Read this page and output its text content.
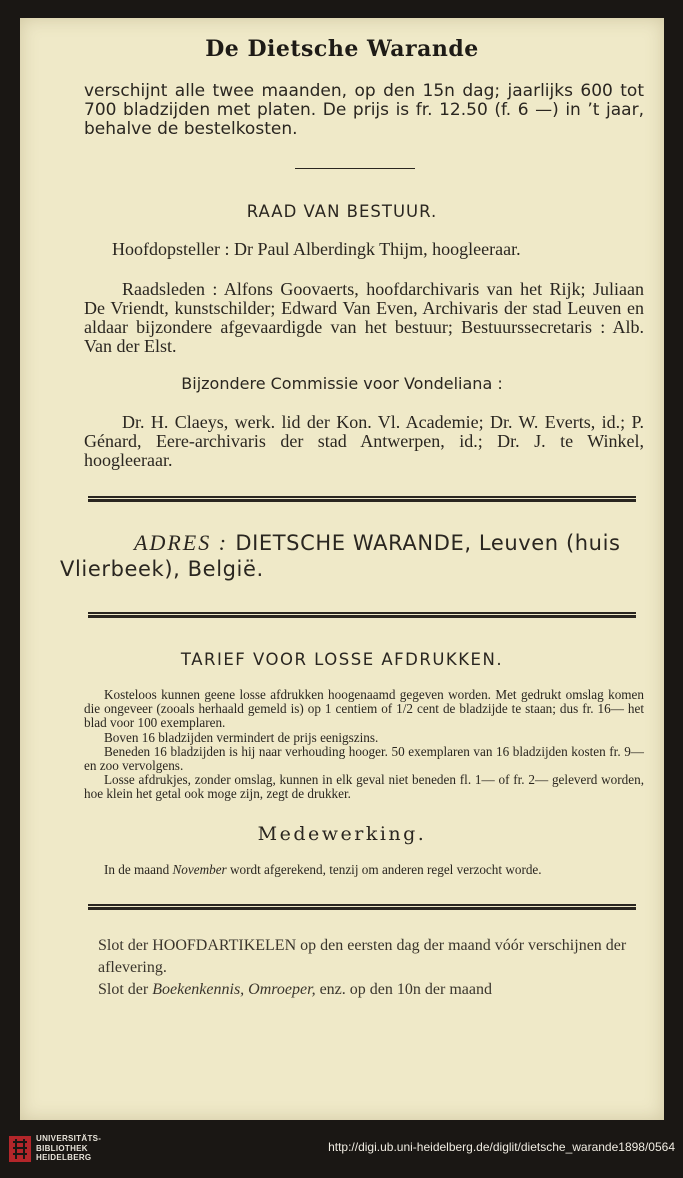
De Dietsche Warande

verschijnt alle twee maanden, op den 15n dag; jaarlijks 600 tot 700 bladzijden met platen. De prijs is fr. 12.50 (f. 6 —) in ’t jaar, behalve de bestelkosten.

RAAD VAN BESTUUR.

Hoofdopsteller : Dr Paul Alberdingk Thijm, hoogleeraar.

Raadsleden : Alfons Goovaerts, hoofdarchivaris van het Rijk; Juliaan De Vriendt, kunstschilder; Edward Van Even, Archivaris der stad Leuven en aldaar bijzondere afgevaardigde van het bestuur; Bestuurssecretaris : Alb. Van der Elst.

Bijzondere Commissie voor Vondeliana :

Dr. H. Claeys, werk. lid der Kon. Vl. Academie; Dr. W. Everts, id.; P. Génard, Eere-archivaris der stad Antwerpen, id.; Dr. J. te Winkel, hoogleeraar.

ADRES : DIETSCHE WARANDE, Leuven (huis Vlierbeek), België.

TARIEF VOOR LOSSE AFDRUKKEN.

Kosteloos kunnen geene losse afdrukken hoogenaamd gegeven worden. Met gedrukt omslag komen die ongeveer (zooals herhaald gemeld is) op 1 centiem of 1/2 cent de bladzijde te staan; dus fr. 16— het blad voor 100 exemplaren.

Boven 16 bladzijden vermindert de prijs eenigszins.

Beneden 16 bladzijden is hij naar verhouding hooger. 50 exemplaren van 16 bladzijden kosten fr. 9— en zoo vervolgens.

Losse afdrukjes, zonder omslag, kunnen in elk geval niet beneden fl. 1— of fr. 2— geleverd worden, hoe klein het getal ook moge zijn, zegt de drukker.

Medewerking.

In de maand November wordt afgerekend, tenzij om anderen regel verzocht worde.

Slot der HOOFDARTIKELEN op den eersten dag der maand vóór verschijnen der aflevering.

Slot der Boekenkennis, Omroeper, enz. op den 10n der maand

UNIVERSITÄTS-
BIBLIOTHEK
HEIDELBERG
http://digi.ub.uni-heidelberg.de/diglit/dietsche_warande1898/0564
